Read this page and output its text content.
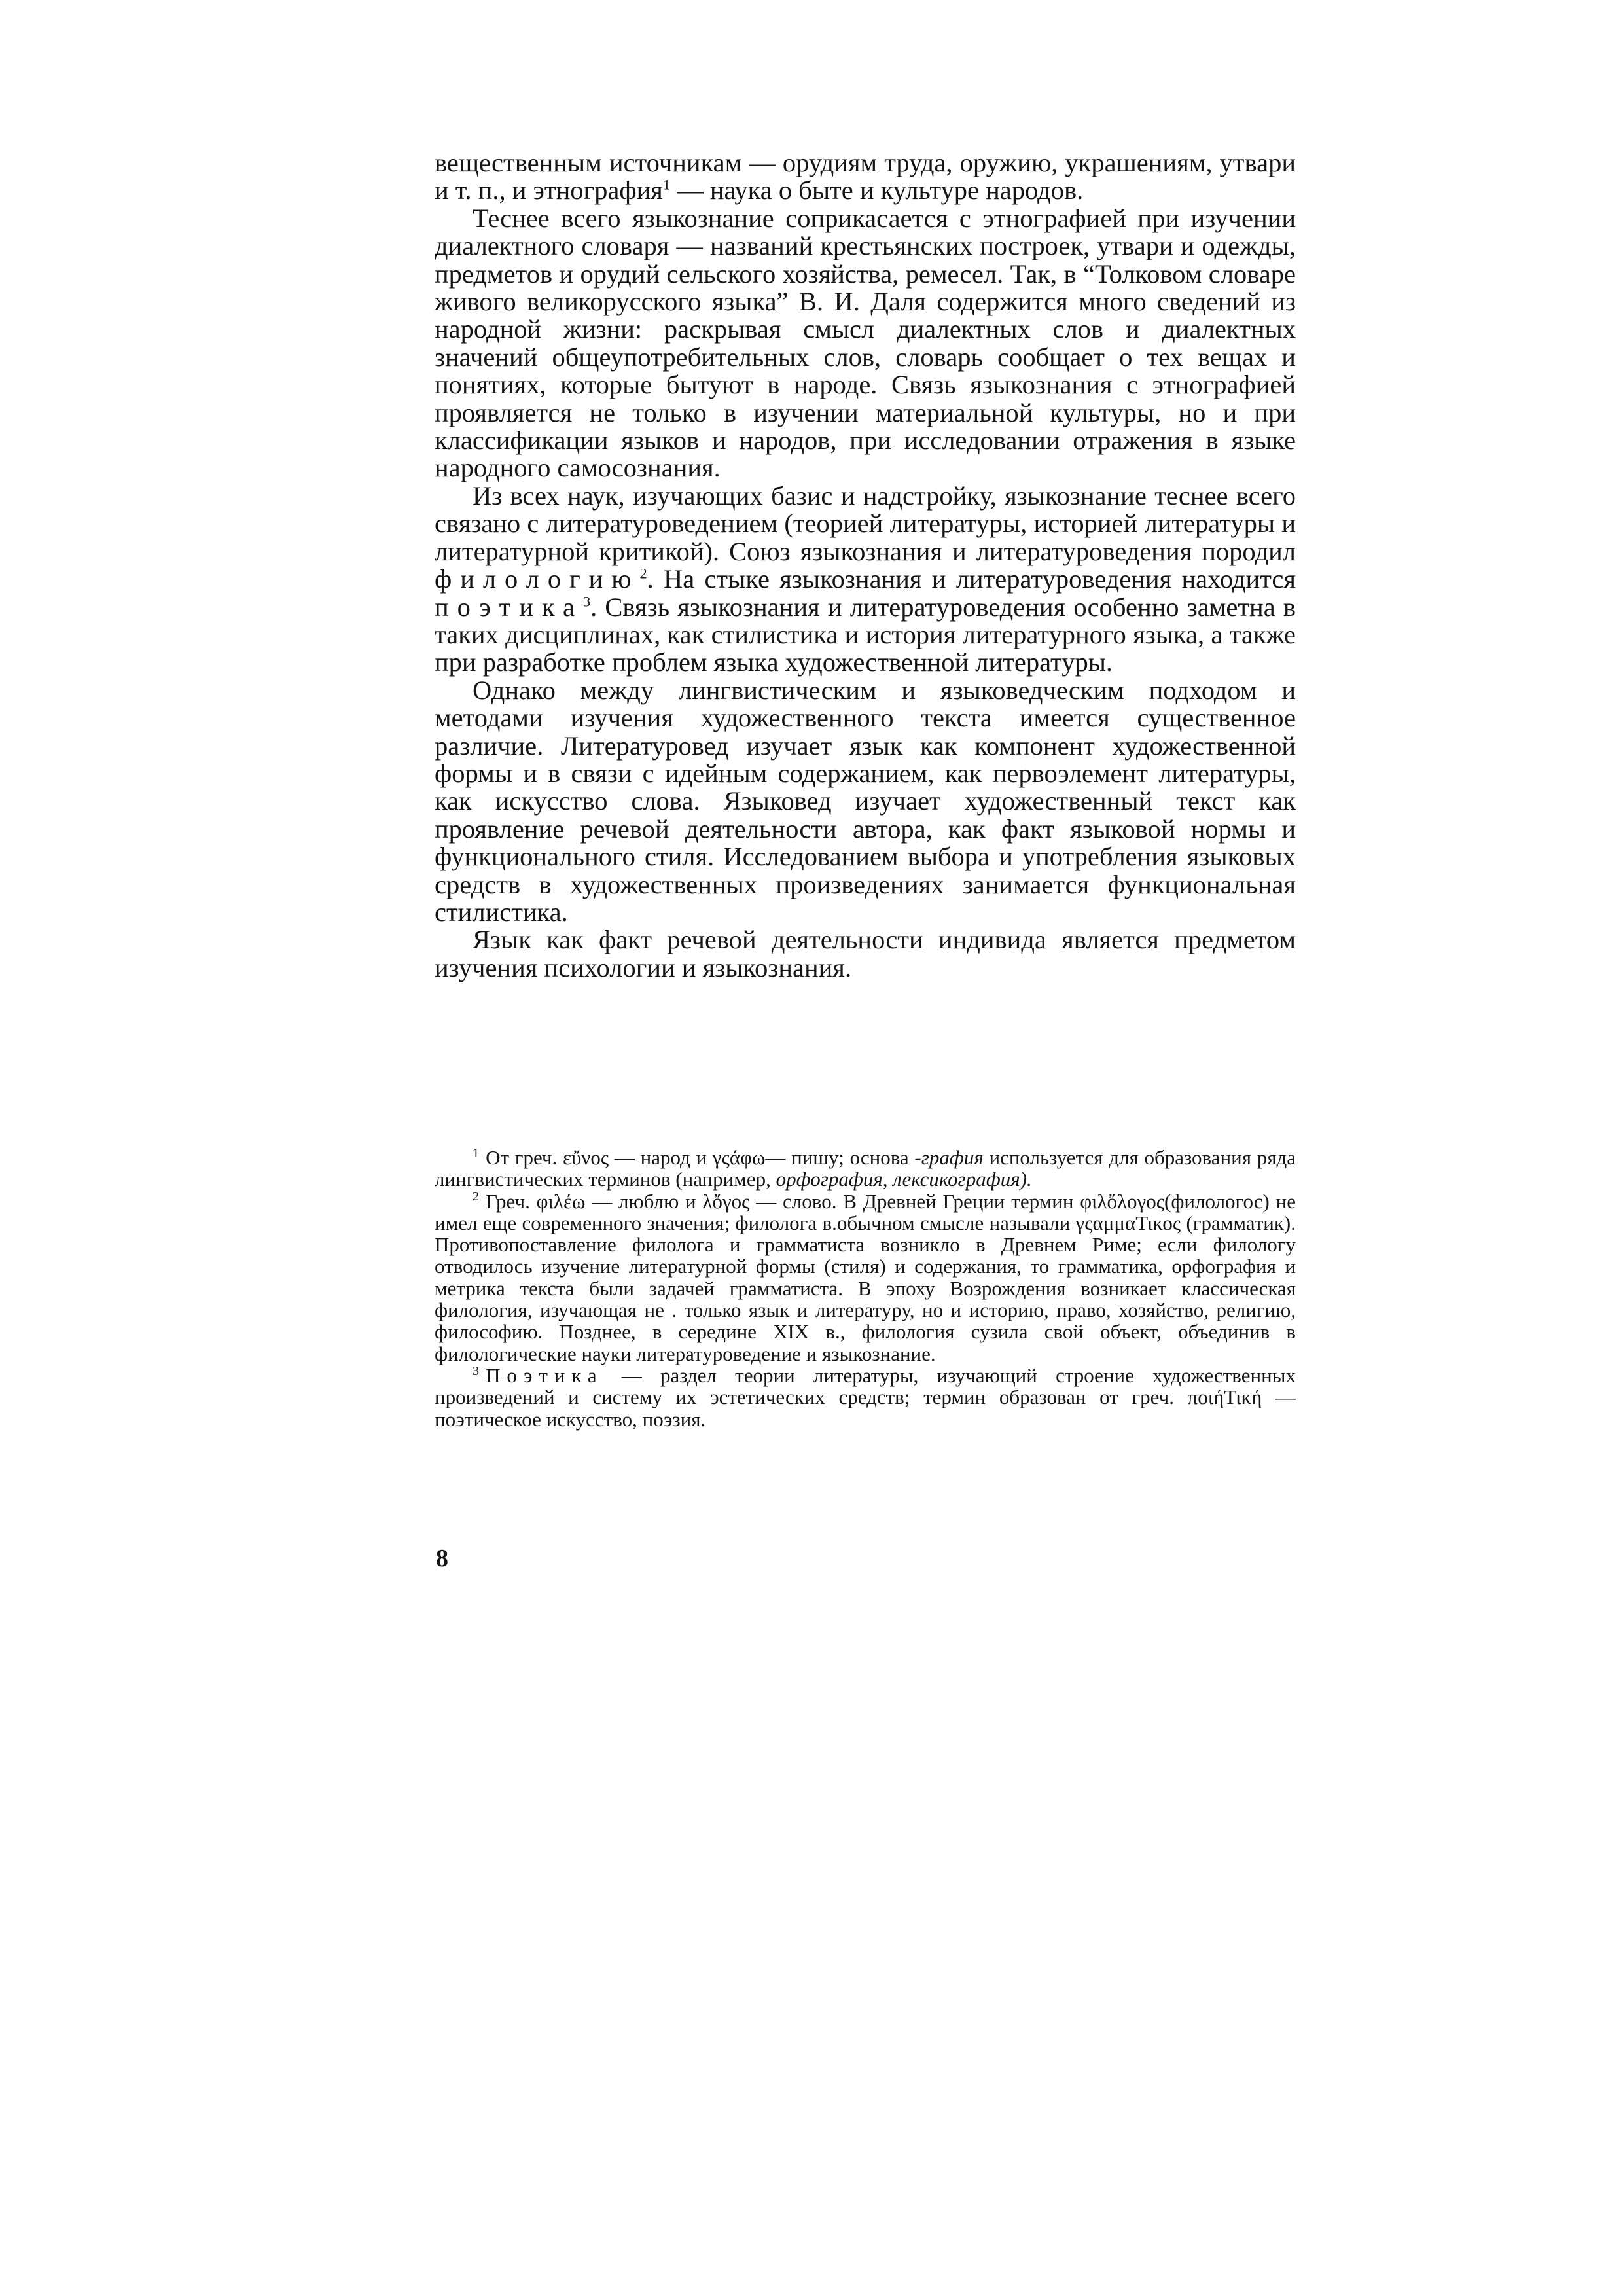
вещественным источникам — орудиям труда, оружию, украшениям, утвари и т. п., и этнография$^1$ — наука о быте и культуре народов.

Теснее всего языкознание соприкасается с этнографией при изучении диалектного словаря — названий крестьянских построек, утвари и одежды, предметов и орудий сельского хозяйства, ремесел. Так, в “Толковом словаре живого великорусского языка” В. И. Даля содержится много сведений из народной жизни: раскрывая смысл диалектных слов и диалектных значений общеупотребительных слов, словарь сообщает о тех вещах и понятиях, которые бытуют в народе. Связь языкознания с этнографией проявляется не только в изучении материальной культуры, но и при классификации языков и народов, при исследовании отражения в языке народного самосознания.

Из всех наук, изучающих базис и надстройку, языкознание теснее всего связано с литературоведением (теорией литературы, историей литературы и литературной критикой). Союз языкознания и литературоведения породил филологию$^2$. На стыке языкознания и литературоведения находится поэтика$^3$. Связь языкознания и литературоведения особенно заметна в таких дисциплинах, как стилистика и история литературного языка, а также при разработке проблем языка художественной литературы.

Однако между лингвистическим и языковедческим подходом и методами изучения художественного текста имеется существенное различие. Литературовед изучает язык как компонент художественной формы и в связи с идейным содержанием, как первоэлемент литературы, как искусство слова. Языковед изучает художественный текст как проявление речевой деятельности автора, как факт языковой нормы и функционального стиля. Исследованием выбора и употребления языковых средств в художественных произведениях занимается функциональная стилистика.

Язык как факт речевой деятельности индивида является предметом изучения психологии и языкознания.

$^1$ От греч. εὔνος — народ и γςάφω— пишу; основа -графия используется для образования ряда лингвистических терминов (например, орфография, лексикография).

$^2$ Греч. φιλέω — люблю и λὄγος — слово. В Древней Греции термин φιλὄλογος(филологос) не имел еще современного значения; филолога в.обычном смысле называли γςαμμαΤικος (грамматик). Противопоставление филолога и грамматиста возникло в Древнем Риме; если филологу отводилось изучение литературной формы (стиля) и содержания, то грамматика, орфография и метрика текста были задачей грамматиста. В эпоху Возрождения возникает классическая филология, изучающая не . только язык и литературу, но и историю, право, хозяйство, религию, философию. Позднее, в середине XIX в., филология сузила свой объект, объединив в филологические науки литературоведение и языкознание.

$^3$ Поэтика — раздел теории литературы, изучающий строение художественных произведений и систему их эстетических средств; термин образован от греч. ποιήΤική — поэтическое искусство, поэзия.

8
